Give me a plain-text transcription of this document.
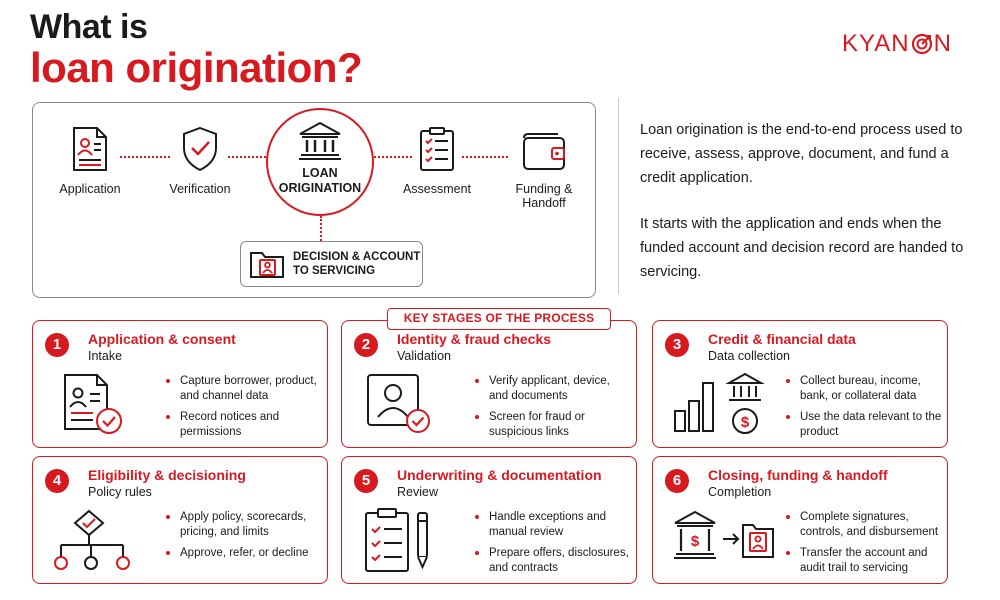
What is
loan origination?
KYAN N
Application	Verification
LOAN
ORIGINATION	Assessment	Funding &
Handoff
DECISION & ACCOUNT
TO SERVICING
Loan origination is the end-to-end process used to receive, assess, approve, document, and fund a credit application.
It starts with the application and ends when the funded account and decision record are handed to servicing.
1	Application & consent
Intake
Capture borrower, product, and channel data
Record notices and permissions
2	Identity & fraud checks
Validation
Verify applicant, device, and documents
Screen for fraud or suspicious links
3	Credit & financial data
Data collection
$
Collect bureau, income, bank, or collateral data
Use the data relevant to the product
4	Eligibility & decisioning
Policy rules
Apply policy, scorecards, pricing, and limits
Approve, refer, or decline
5	Underwriting & documentation
Review
Handle exceptions and manual review
Prepare offers, disclosures, and contracts
6	Closing, funding & handoff
Completion
$
Complete signatures, controls, and disbursement
Transfer the account and audit trail to servicing
KEY STAGES OF THE PROCESS
